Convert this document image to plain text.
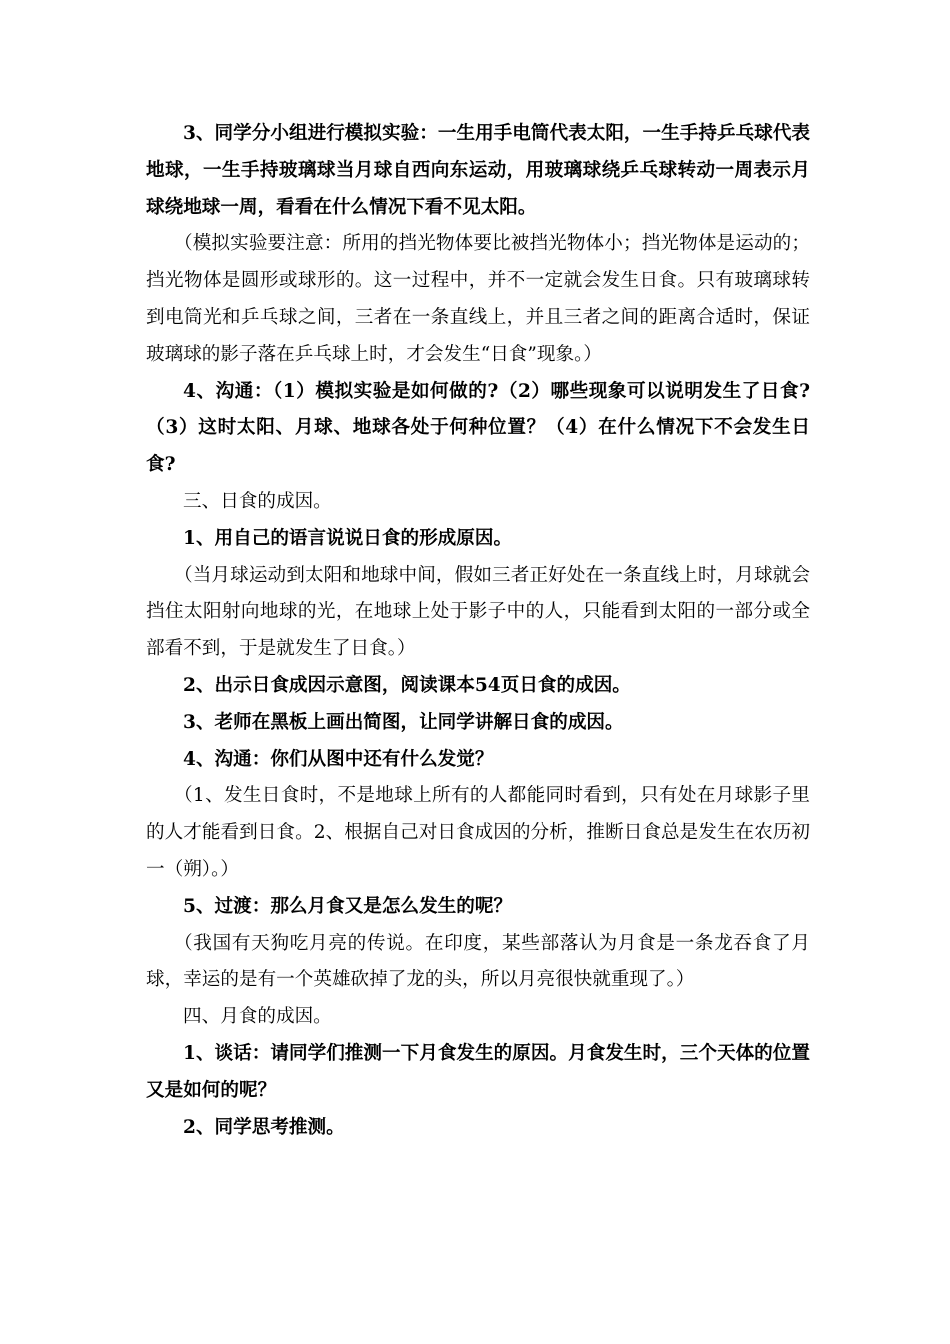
3、同学分小组进行模拟实验：一生用手电筒代表太阳，一生手持乒乓球代表地球，一生手持玻璃球当月球自西向东运动，用玻璃球绕乒乓球转动一周表示月球绕地球一周，看看在什么情况下看不见太阳。

（模拟实验要注意：所用的挡光物体要比被挡光物体小；挡光物体是运动的；挡光物体是圆形或球形的。这一过程中，并不一定就会发生日食。只有玻璃球转到电筒光和乒乓球之间，三者在一条直线上，并且三者之间的距离合适时，保证玻璃球的影子落在乒乓球上时，才会发生“日食”现象。）

4、沟通：（1）模拟实验是如何做的?（2）哪些现象可以说明发生了日食?（3）这时太阳、月球、地球各处于何种位置？（4）在什么情况下不会发生日食?

三、日食的成因。

1、用自己的语言说说日食的形成原因。

（当月球运动到太阳和地球中间，假如三者正好处在一条直线上时，月球就会挡住太阳射向地球的光，在地球上处于影子中的人，只能看到太阳的一部分或全部看不到，于是就发生了日食。）

2、出示日食成因示意图，阅读课本54页日食的成因。

3、老师在黑板上画出简图，让同学讲解日食的成因。

4、沟通：你们从图中还有什么发觉？

（1、发生日食时，不是地球上所有的人都能同时看到，只有处在月球影子里的人才能看到日食。2、根据自己对日食成因的分析，推断日食总是发生在农历初一（朔）。）

5、过渡：那么月食又是怎么发生的呢？

（我国有天狗吃月亮的传说。在印度，某些部落认为月食是一条龙吞食了月球，幸运的是有一个英雄砍掉了龙的头，所以月亮很快就重现了。）

四、月食的成因。

1、谈话：请同学们推测一下月食发生的原因。月食发生时，三个天体的位置又是如何的呢？

2、同学思考推测。
